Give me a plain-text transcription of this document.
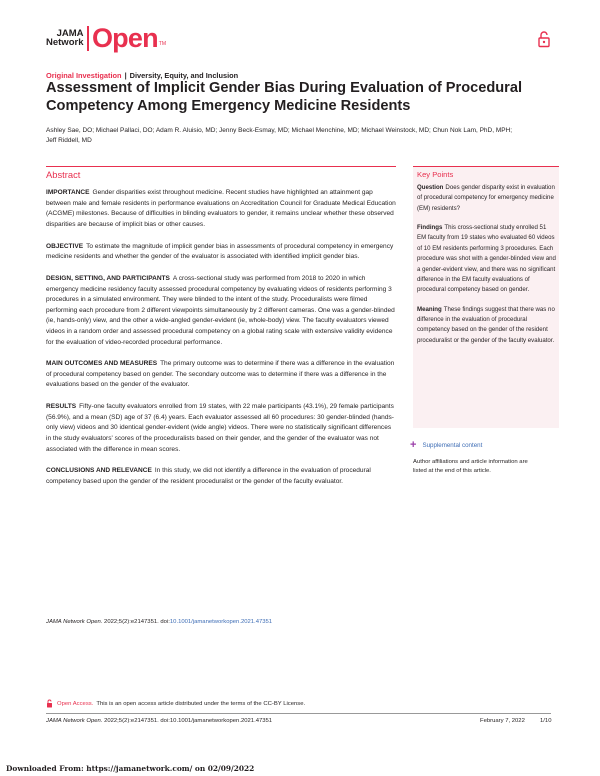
JAMA
Network Open TM
Original Investigation | Diversity, Equity, and Inclusion
Assessment of Implicit Gender Bias During Evaluation of Procedural Competency Among Emergency Medicine Residents
Ashley Sae, DO; Michael Pallaci, DO; Adam R. Aluisio, MD; Jenny Beck-Esmay, MD; Michael Menchine, MD; Michael Weinstock, MD; Chun Nok Lam, PhD, MPH; Jeff Riddell, MD
Abstract

IMPORTANCE Gender disparities exist throughout medicine. Recent studies have highlighted an attainment gap between male and female residents in performance evaluations on Accreditation Council for Graduate Medical Education (ACGME) milestones. Because of difficulties in blinding evaluators to gender, it remains unclear whether these observed disparities are because of implicit bias or other causes.

OBJECTIVE To estimate the magnitude of implicit gender bias in assessments of procedural competency in emergency medicine residents and whether the gender of the evaluator is associated with identified implicit gender bias.

DESIGN, SETTING, AND PARTICIPANTS A cross-sectional study was performed from 2018 to 2020 in which emergency medicine residency faculty assessed procedural competency by evaluating videos of residents performing 3 procedures in a simulated environment. They were blinded to the intent of the study. Proceduralists were filmed performing each procedure from 2 different viewpoints simultaneously by 2 different cameras. One was a gender-blinded (ie, hands-only) view, and the other a wide-angled gender-evident (ie, whole-body) view. The faculty evaluators viewed videos in a random order and assessed procedural competency on a global rating scale with extensive validity evidence for the evaluation of video-recorded procedural performance.

MAIN OUTCOMES AND MEASURES The primary outcome was to determine if there was a difference in the evaluation of procedural competency based on gender. The secondary outcome was to determine if there was a difference in the evaluations based on the gender of the evaluator.

RESULTS Fifty-one faculty evaluators enrolled from 19 states, with 22 male participants (43.1%), 29 female participants (56.9%), and a mean (SD) age of 37 (6.4) years. Each evaluator assessed all 60 procedures: 30 gender-blinded (hands-only view) videos and 30 identical gender-evident (wide angle) videos. There were no statistically significant differences in the study evaluators' scores of the proceduralists based on their gender, and the gender of the evaluator was not associated with the difference in mean scores.

CONCLUSIONS AND RELEVANCE In this study, we did not identify a difference in the evaluation of procedural competency based upon the gender of the resident proceduralist or the gender of the faculty evaluator.

JAMA Network Open. 2022;5(2):e2147351. doi:10.1001/jamanetworkopen.2021.47351
Key Points

Question Does gender disparity exist in evaluation of procedural competency for emergency medicine (EM) residents?

Findings This cross-sectional study enrolled 51 EM faculty from 19 states who evaluated 60 videos of 10 EM residents performing 3 procedures. Each procedure was shot with a gender-blinded view and a gender-evident view, and there was no significant difference in the EM faculty evaluations of procedural competency based on gender.

Meaning These findings suggest that there was no difference in the evaluation of procedural competency based on the gender of the resident proceduralist or the gender of the faculty evaluator.

+ Supplemental content
Author affiliations and article information are listed at the end of this article.
Open Access. This is an open access article distributed under the terms of the CC-BY License.
JAMA Network Open. 2022;5(2):e2147351. doi:10.1001/jamanetworkopen.2021.47351	February 7, 2022	1/10
Downloaded From: https://jamanetwork.com/ on 02/09/2022
